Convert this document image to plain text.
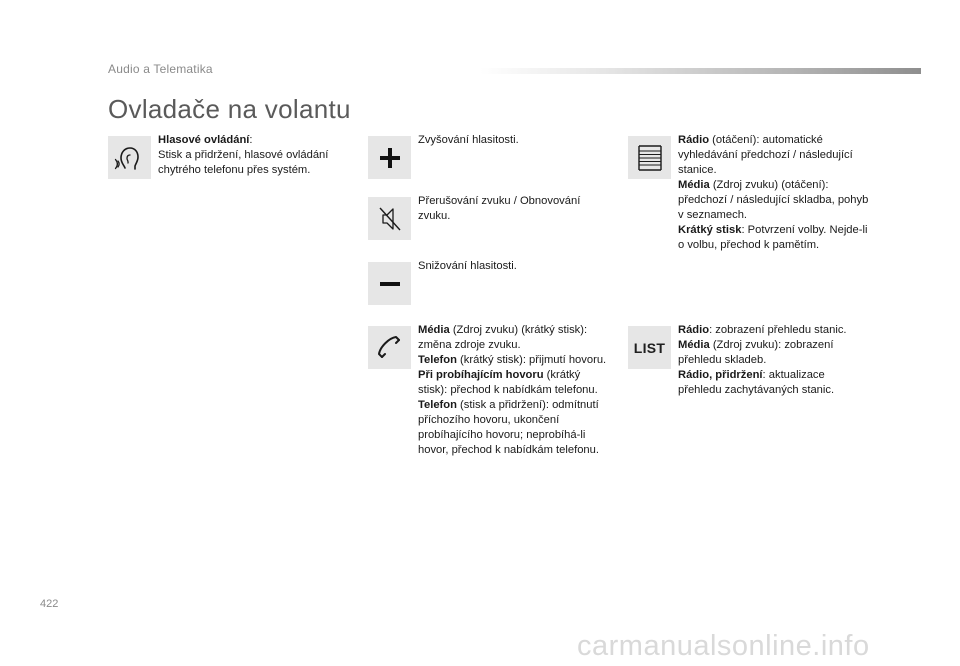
Audio a Telematika
Ovladače na volantu

Hlasové ovládání:

Stisk a přidržení, hlasové ovládání chytrého telefonu přes systém.

Zvyšování hlasitosti.

Přerušování zvuku / Obnovování zvuku.

Snižování hlasitosti.

Média (Zdroj zvuku) (krátký stisk): změna zdroje zvuku.

Telefon (krátký stisk): přijmutí hovoru.

Při probíhajícím hovoru (krátký stisk): přechod k nabídkám telefonu.

Telefon (stisk a přidržení): odmítnutí příchozího hovoru, ukončení probíhajícího hovoru; neprobíhá-li hovor, přechod k nabídkám telefonu.

Rádio (otáčení): automatické vyhledávání předchozí / následující stanice.

Média (Zdroj zvuku) (otáčení): předchozí / následující skladba, pohyb v seznamech.

Krátký stisk: Potvrzení volby. Nejde-li o volbu, přechod k pamětím.

LIST

Rádio: zobrazení přehledu stanic.

Média (Zdroj zvuku): zobrazení přehledu skladeb.

Rádio, přidržení: aktualizace přehledu zachytávaných stanic.

422
carmanualsonline.info
